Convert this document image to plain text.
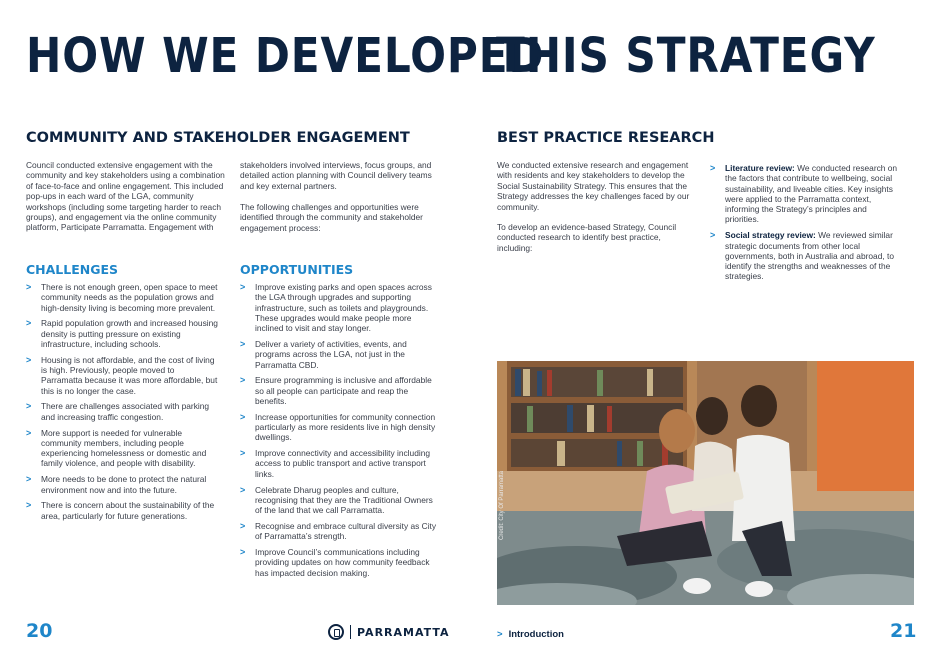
HOW WE DEVELOPED
THIS STRATEGY
COMMUNITY AND STAKEHOLDER ENGAGEMENT

Council conducted extensive engagement with the community and key stakeholders using a combination of face-to-face and online engagement. This included pop-ups in each ward of the LGA, community workshops (including some targeting harder to reach groups), and engagement via the online community platform, Participate Parramatta. Engagement with

stakeholders involved interviews, focus groups, and detailed action planning with Council delivery teams and key external partners.

The following challenges and opportunities were identified through the community and stakeholder engagement process:

CHALLENGES
> There is not enough green, open space to meet community needs as the population grows and high-density living is becoming more prevalent.
> Rapid population growth and increased housing density is putting pressure on existing infrastructure, including schools.
> Housing is not affordable, and the cost of living is high. Previously, people moved to Parramatta because it was more affordable, but this is no longer the case.
> There are challenges associated with parking and increasing traffic congestion.
> More support is needed for vulnerable community members, including people experiencing homelessness or domestic and family violence, and people with disability.
> More needs to be done to protect the natural environment now and into the future.
> There is concern about the sustainability of the area, particularly for future generations.
OPPORTUNITIES
> Improve existing parks and open spaces across the LGA through upgrades and supporting infrastructure, such as toilets and playgrounds. These upgrades would make people more inclined to visit and stay longer.
> Deliver a variety of activities, events, and programs across the LGA, not just in the Parramatta CBD.
> Ensure programming is inclusive and affordable so all people can participate and reap the benefits.
> Increase opportunities for community connection particularly as more residents live in high density dwellings.
> Improve connectivity and accessibility including access to public transport and active transport links.
> Celebrate Dharug peoples and culture, recognising that they are the Traditional Owners of the land that we call Parramatta.
> Recognise and embrace cultural diversity as City of Parramatta’s strength.
> Improve Council’s communications including providing updates on how community feedback has impacted decision making.
BEST PRACTICE RESEARCH

We conducted extensive research and engagement with residents and key stakeholders to develop the Social Sustainability Strategy. This ensures that the Strategy addresses the key challenges faced by our community.

To develop an evidence-based Strategy, Council conducted research to identify best practice, including:

> Literature review: We conducted research on the factors that contribute to wellbeing, social sustainability, and liveable cities. Key insights were applied to the Parramatta context, informing the Strategy’s principles and priorities.
> Social strategy review: We reviewed similar strategic documents from other local governments, both in Australia and abroad, to identify the strengths and weaknesses of the strategies.
Credit: City Of Parramatta
20	PARRAMATTA	> Introduction	21
